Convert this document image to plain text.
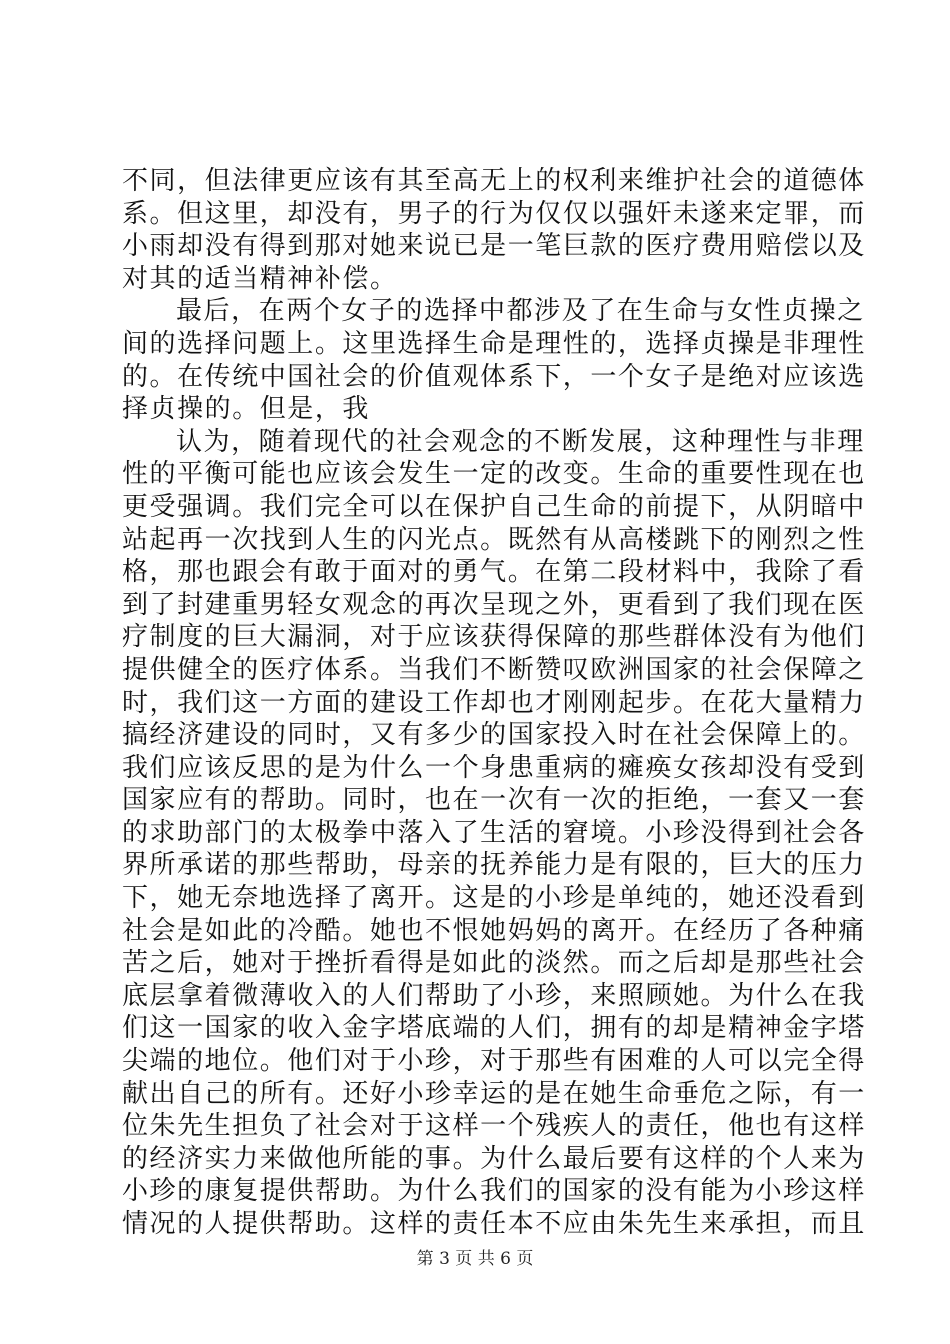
不同，但法律更应该有其至高无上的权利来维护社会的道德体
系。但这里，却没有，男子的行为仅仅以强奸未遂来定罪，而
小雨却没有得到那对她来说已是一笔巨款的医疗费用赔偿以及
对其的适当精神补偿。
最后，在两个女子的选择中都涉及了在生命与女性贞操之
间的选择问题上。这里选择生命是理性的，选择贞操是非理性
的。在传统中国社会的价值观体系下，一个女子是绝对应该选
择贞操的。但是，我
认为，随着现代的社会观念的不断发展，这种理性与非理
性的平衡可能也应该会发生一定的改变。生命的重要性现在也
更受强调。我们完全可以在保护自己生命的前提下，从阴暗中
站起再一次找到人生的闪光点。既然有从高楼跳下的刚烈之性
格，那也跟会有敢于面对的勇气。在第二段材料中，我除了看
到了封建重男轻女观念的再次呈现之外，更看到了我们现在医
疗制度的巨大漏洞，对于应该获得保障的那些群体没有为他们
提供健全的医疗体系。当我们不断赞叹欧洲国家的社会保障之
时，我们这一方面的建设工作却也才刚刚起步。在花大量精力
搞经济建设的同时，又有多少的国家投入时在社会保障上的。
我们应该反思的是为什么一个身患重病的瘫痪女孩却没有受到
国家应有的帮助。同时，也在一次有一次的拒绝，一套又一套
的求助部门的太极拳中落入了生活的窘境。小珍没得到社会各
界所承诺的那些帮助，母亲的抚养能力是有限的，巨大的压力
下，她无奈地选择了离开。这是的小珍是单纯的，她还没看到
社会是如此的冷酷。她也不恨她妈妈的离开。在经历了各种痛
苦之后，她对于挫折看得是如此的淡然。而之后却是那些社会
底层拿着微薄收入的人们帮助了小珍，来照顾她。为什么在我
们这一国家的收入金字塔底端的人们，拥有的却是精神金字塔
尖端的地位。他们对于小珍，对于那些有困难的人可以完全得
献出自己的所有。还好小珍幸运的是在她生命垂危之际，有一
位朱先生担负了社会对于这样一个残疾人的责任，他也有这样
的经济实力来做他所能的事。为什么最后要有这样的个人来为
小珍的康复提供帮助。为什么我们的国家的没有能为小珍这样
情况的人提供帮助。这样的责任本不应由朱先生来承担，而且
第 3 页 共 6 页
